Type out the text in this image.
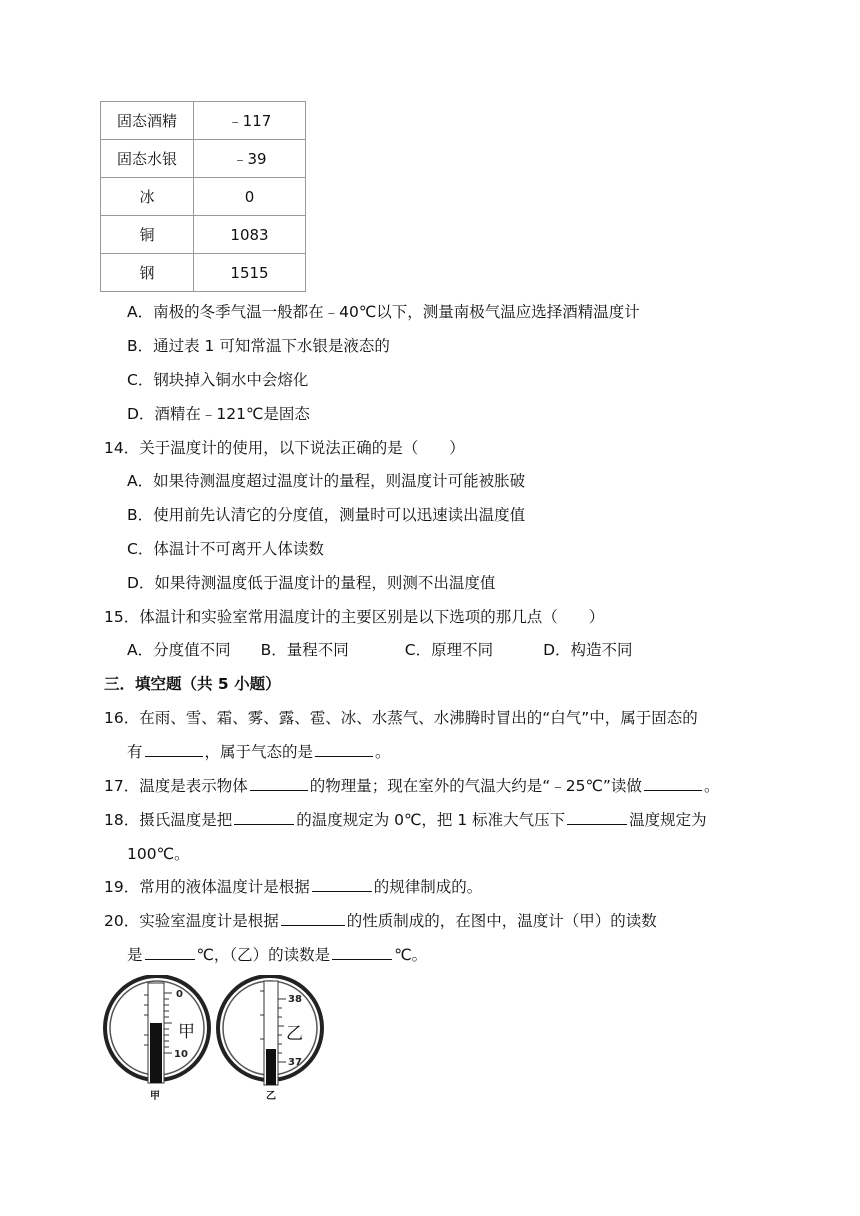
固态酒精	﹣117
固态水银	﹣39
冰	0
铜	1083
钢	1515
A．南极的冬季气温一般都在﹣40℃以下，测量南极气温应选择酒精温度计
B．通过表 1 可知常温下水银是液态的
C．钢块掉入铜水中会熔化
D．酒精在﹣121℃是固态
14．关于温度计的使用，以下说法正确的是（　　）
A．如果待测温度超过温度计的量程，则温度计可能被胀破
B．使用前先认清它的分度值，测量时可以迅速读出温度值
C．体温计不可离开人体读数
D．如果待测温度低于温度计的量程，则测不出温度值
15．体温计和实验室常用温度计的主要区别是以下选项的那几点（　　）
A．分度值不同 B．量程不同	C．原理不同	D．构造不同
三．填空题（共 5 小题）
16．在雨、雪、霜、雾、露、雹、冰、水蒸气、水沸腾时冒出的“白气”中，属于固态的
有	，属于气态的是	。
17．温度是表示物体	的物理量；现在室外的气温大约是“﹣25℃”读做	。
18．摄氏温度是把	的温度规定为 0℃，把 1 标准大气压下	温度规定为
100℃。
19．常用的液体温度计是根据	的规律制成的。
20．实验室温度计是根据	的性质制成的，在图中，温度计（甲）的读数
是	℃，（乙）的读数是	℃。
0
10
甲
甲
38
37
乙
乙
